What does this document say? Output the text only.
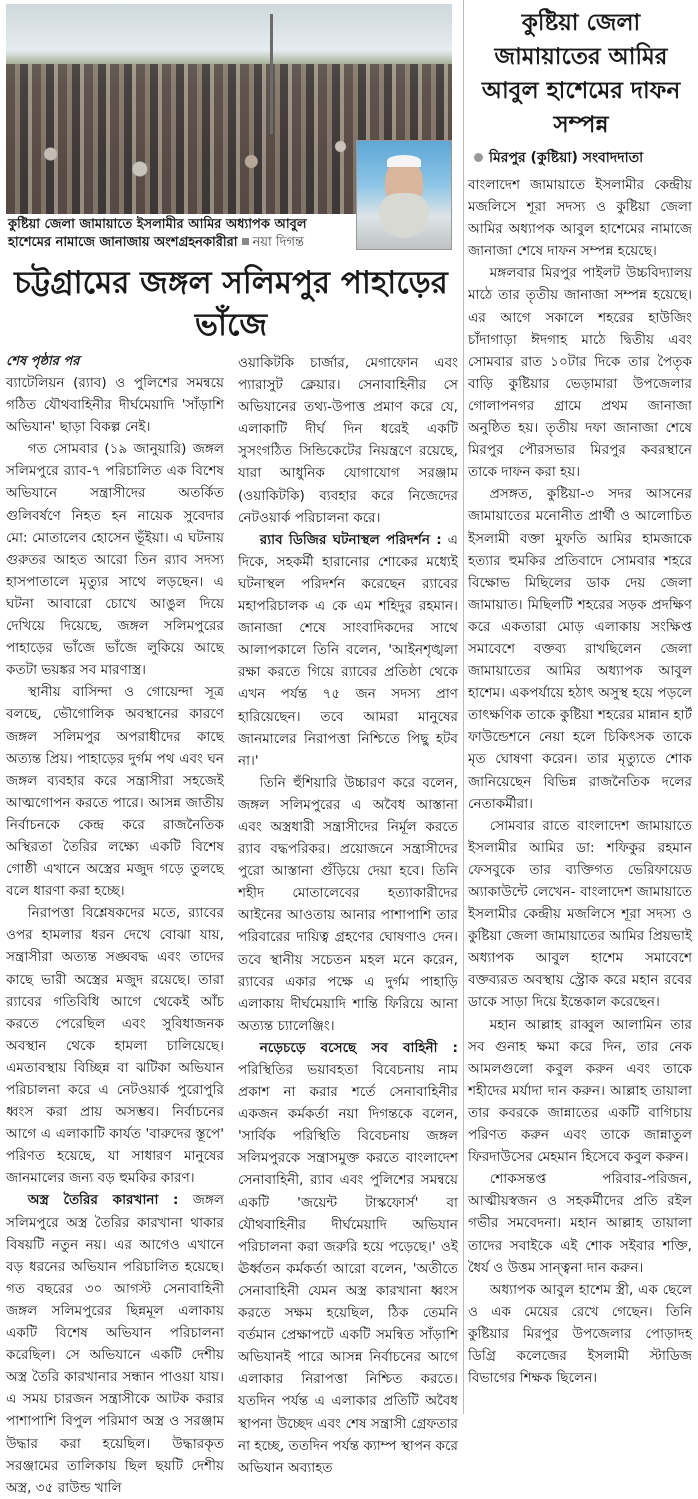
কুষ্টিয়া জেলা জামায়াতে ইসলামীর আমির অধ্যাপক আবুল হাশেমের নামাজে জানাজায় অংশগ্রহনকারীরা নয়া দিগন্ত
চট্টগ্রামের জঙ্গল সলিমপুর পাহাড়ের ভাঁজে
শেষ পৃষ্ঠার পর

ব্যাটেলিয়ন (র‍্যাব) ও পুলিশের সমন্বয়ে গঠিত যৌথবাহিনীর দীর্ঘমেয়াদি 'সাঁড়াশি অভিযান' ছাড়া বিকল্প নেই।

গত সোমবার (১৯ জানুয়ারি) জঙ্গল সলিমপুরে র‍্যাব-৭ পরিচালিত এক বিশেষ অভিযানে সন্ত্রাসীদের অতর্কিত গুলিবর্ষণে নিহত হন নায়েক সুবেদার মো: মোতালেব হোসেন ভূঁইয়া। এ ঘটনায় গুরুতর আহত আরো তিন র‍্যাব সদস্য হাসপাতালে মৃত্যুর সাথে লড়ছেন। এ ঘটনা আবারো চোখে আঙুল দিয়ে দেখিয়ে দিয়েছে, জঙ্গল সলিমপুরের পাহাড়ের ভাঁজে ভাঁজে লুকিয়ে আছে কতটা ভয়ঙ্কর সব মারণাস্ত্র।

স্থানীয় বাসিন্দা ও গোয়েন্দা সূত্র বলছে, ভৌগোলিক অবস্থানের কারণে জঙ্গল সলিমপুর অপরাধীদের কাছে অত্যন্ত প্রিয়। পাহাড়ের দুর্গম পথ এবং ঘন জঙ্গল ব্যবহার করে সন্ত্রাসীরা সহজেই আত্মগোপন করতে পারে। আসন্ন জাতীয় নির্বাচনকে কেন্দ্র করে রাজনৈতিক অস্থিরতা তৈরির লক্ষ্যে একটি বিশেষ গোষ্ঠী এখানে অস্ত্রের মজুদ গড়ে তুলছে বলে ধারণা করা হচ্ছে।

নিরাপত্তা বিশ্লেষকদের মতে, র‍্যাবের ওপর হামলার ধরন দেখে বোঝা যায়, সন্ত্রাসীরা অত্যন্ত সঙ্ঘবদ্ধ এবং তাদের কাছে ভারী অস্ত্রের মজুদ রয়েছে। তারা র‍্যাবের গতিবিধি আগে থেকেই আঁচ করতে পেরেছিল এবং সুবিধাজনক অবস্থান থেকে হামলা চালিয়েছে। এমতাবস্থায় বিচ্ছিন্ন বা ঝটিকা অভিযান পরিচালনা করে এ নেটওয়ার্ক পুরোপুরি ধ্বংস করা প্রায় অসম্ভব। নির্বাচনের আগে এ এলাকাটি কার্যত 'বারুদের স্তূপে' পরিণত হয়েছে, যা সাধারণ মানুষের জানমালের জন্য বড় হুমকির কারণ।

অস্ত্র তৈরির কারখানা : জঙ্গল সলিমপুরে অস্ত্র তৈরির কারখানা থাকার বিষয়টি নতুন নয়। এর আগেও এখানে বড় ধরনের অভিযান পরিচালিত হয়েছে। গত বছরের ৩০ আগস্ট সেনাবাহিনী জঙ্গল সলিমপুরের ছিন্নমূল এলাকায় একটি বিশেষ অভিযান পরিচালনা করেছিল। সে অভিযানে একটি দেশীয় অস্ত্র তৈরি কারখানার সন্ধান পাওয়া যায়। এ সময় চারজন সন্ত্রাসীকে আটক করার পাশাপাশি বিপুল পরিমাণ অস্ত্র ও সরঞ্জাম উদ্ধার করা হয়েছিল। উদ্ধারকৃত সরঞ্জামের তালিকায় ছিল ছয়টি দেশীয় অস্ত্র, ৩৫ রাউন্ড খালি

ওয়াকিটকি চার্জার, মেগাফোন এবং প্যারাসুট ক্লেয়ার। সেনাবাহিনীর সে অভিযানের তথ্য-উপাত্ত প্রমাণ করে যে, এলাকাটি দীর্ঘ দিন ধরেই একটি সুসংগঠিত সিন্ডিকেটের নিয়ন্ত্রণে রয়েছে, যারা আধুনিক যোগাযোগ সরঞ্জাম (ওয়াকিটকি) ব্যবহার করে নিজেদের নেটওয়ার্ক পরিচালনা করে।

র‍্যাব ডিজির ঘটনাস্থল পরিদর্শন : এ দিকে, সহকর্মী হারানোর শোকের মধ্যেই ঘটনাস্থল পরিদর্শন করেছেন র‍্যাবের মহাপরিচালক এ কে এম শহিদুর রহমান। জানাজা শেষে সাংবাদিকদের সাথে আলাপকালে তিনি বলেন, 'আইনশৃঙ্খলা রক্ষা করতে গিয়ে র‍্যাবের প্রতিষ্ঠা থেকে এখন পর্যন্ত ৭৫ জন সদস্য প্রাণ হারিয়েছেন। তবে আমরা মানুষের জানমালের নিরাপত্তা নিশ্চিতে পিছু হটব না।'

তিনি হুঁশিয়ারি উচ্চারণ করে বলেন, জঙ্গল সলিমপুরের এ অবৈধ আস্তানা এবং অস্ত্রধারী সন্ত্রাসীদের নির্মূল করতে র‍্যাব বদ্ধপরিকর। প্রয়োজনে সন্ত্রাসীদের পুরো আস্তানা গুঁড়িয়ে দেয়া হবে। তিনি শহীদ মোতালেবের হত্যাকারীদের আইনের আওতায় আনার পাশাপাশি তার পরিবারের দায়িত্ব গ্রহণের ঘোষণাও দেন। তবে স্থানীয় সচেতন মহল মনে করেন, র‍্যাবের একার পক্ষে এ দুর্গম পাহাড়ি এলাকায় দীর্ঘমেয়াদি শান্তি ফিরিয়ে আনা অত্যন্ত চ্যালেঞ্জিং।

নড়েচড়ে বসেছে সব বাহিনী : পরিস্থিতির ভয়াবহতা বিবেচনায় নাম প্রকাশ না করার শর্তে সেনাবাহিনীর একজন কর্মকর্তা নয়া দিগন্তকে বলেন, 'সার্বিক পরিস্থিতি বিবেচনায় জঙ্গল সলিমপুরকে সন্ত্রাসমুক্ত করতে বাংলাদেশ সেনাবাহিনী, র‍্যাব এবং পুলিশের সমন্বয়ে একটি 'জয়েন্ট টাস্কফোর্স' বা যৌথবাহিনীর দীর্ঘমেয়াদি অভিযান পরিচালনা করা জরুরি হয়ে পড়েছে।' ওই ঊর্ধ্বতন কর্মকর্তা আরো বলেন, 'অতীতে সেনাবাহিনী যেমন অস্ত্র কারখানা ধ্বংস করতে সক্ষম হয়েছিল, ঠিক তেমনি বর্তমান প্রেক্ষাপটে একটি সমন্বিত সাঁড়াশি অভিযানই পারে আসন্ন নির্বাচনের আগে এলাকার নিরাপত্তা নিশ্চিত করতে। যতদিন পর্যন্ত এ এলাকার প্রতিটি অবৈধ স্থাপনা উচ্ছেদ এবং শেষ সন্ত্রাসী গ্রেফতার না হচ্ছে, ততদিন পর্যন্ত ক্যাম্প স্থাপন করে অভিযান অব্যাহত

কুষ্টিয়া জেলা জামায়াতের আমির আবুল হাশেমের দাফন সম্পন্ন
মিরপুর (কুষ্টিয়া) সংবাদদাতা

বাংলাদেশ জামায়াতে ইসলামীর কেন্দ্রীয় মজলিসে শূরা সদস্য ও কুষ্টিয়া জেলা আমির অধ্যাপক আবুল হাশেমের নামাজে জানাজা শেষে দাফন সম্পন্ন হয়েছে।

মঙ্গলবার মিরপুর পাইলট উচ্চবিদ্যালয় মাঠে তার তৃতীয় জানাজা সম্পন্ন হয়েছে। এর আগে সকালে শহরের হাউজিং চাঁদাগাড়া ঈদগাহ মাঠে দ্বিতীয় এবং সোমবার রাত ১০টার দিকে তার পৈতৃক বাড়ি কুষ্টিয়ার ভেড়ামারা উপজেলার গোলাপনগর গ্রামে প্রথম জানাজা অনুষ্ঠিত হয়। তৃতীয় দফা জানাজা শেষে মিরপুর পৌরসভার মিরপুর কবরস্থানে তাকে দাফন করা হয়।

প্রসঙ্গত, কুষ্টিয়া-৩ সদর আসনের জামায়াতের মনোনীত প্রার্থী ও আলোচিত ইসলামী বক্তা মুফতি আমির হামজাকে হত্যার হুমকির প্রতিবাদে সোমবার শহরে বিক্ষোভ মিছিলের ডাক দেয় জেলা জামায়াত। মিছিলটি শহরের সড়ক প্রদক্ষিণ করে একতারা মোড় এলাকায় সংক্ষিপ্ত সমাবেশে বক্তব্য রাখছিলেন জেলা জামায়াতের আমির অধ্যাপক আবুল হাশেম। একপর্যায়ে হঠাৎ অসুস্থ হয়ে পড়লে তাৎক্ষণিক তাকে কুষ্টিয়া শহরের মান্নান হার্ট ফাউন্ডেশনে নেয়া হলে চিকিৎসক তাকে মৃত ঘোষণা করেন। তার মৃত্যুতে শোক জানিয়েছেন বিভিন্ন রাজনৈতিক দলের নেতাকর্মীরা।

সোমবার রাতে বাংলাদেশ জামায়াতে ইসলামীর আমির ডা: শফিকুর রহমান ফেসবুকে তার ব্যক্তিগত ভেরিফায়েড অ্যাকাউন্টে লেখেন- বাংলাদেশ জামায়াতে ইসলামীর কেন্দ্রীয় মজলিসে শূরা সদস্য ও কুষ্টিয়া জেলা জামায়াতের আমির প্রিয়ভাই অধ্যাপক আবুল হাশেম সমাবেশে বক্তব্যরত অবস্থায় স্ট্রোক করে মহান রবের ডাকে সাড়া দিয়ে ইন্তেকাল করেছেন।

মহান আল্লাহ রাব্বুল আলামিন তার সব গুনাহ ক্ষমা করে দিন, তার নেক আমলগুলো কবুল করুন এবং তাকে শহীদের মর্যাদা দান করুন। আল্লাহ তায়ালা তার কবরকে জান্নাতের একটি বাগিচায় পরিণত করুন এবং তাকে জান্নাতুল ফিরদাউসের মেহমান হিসেবে কবুল করুন।

শোকসন্তপ্ত পরিবার-পরিজন, আত্মীয়স্বজন ও সহকর্মীদের প্রতি রইল গভীর সমবেদনা। মহান আল্লাহ তায়ালা তাদের সবাইকে এই শোক সইবার শক্তি, ধৈর্য ও উত্তম সান্ত্বনা দান করুন।

অধ্যাপক আবুল হাশেম স্ত্রী, এক ছেলে ও এক মেয়ের রেখে গেছেন। তিনি কুষ্টিয়ার মিরপুর উপজেলার পোড়াদহ ডিগ্রি কলেজের ইসলামী স্টাডিজ বিভাগের শিক্ষক ছিলেন।
